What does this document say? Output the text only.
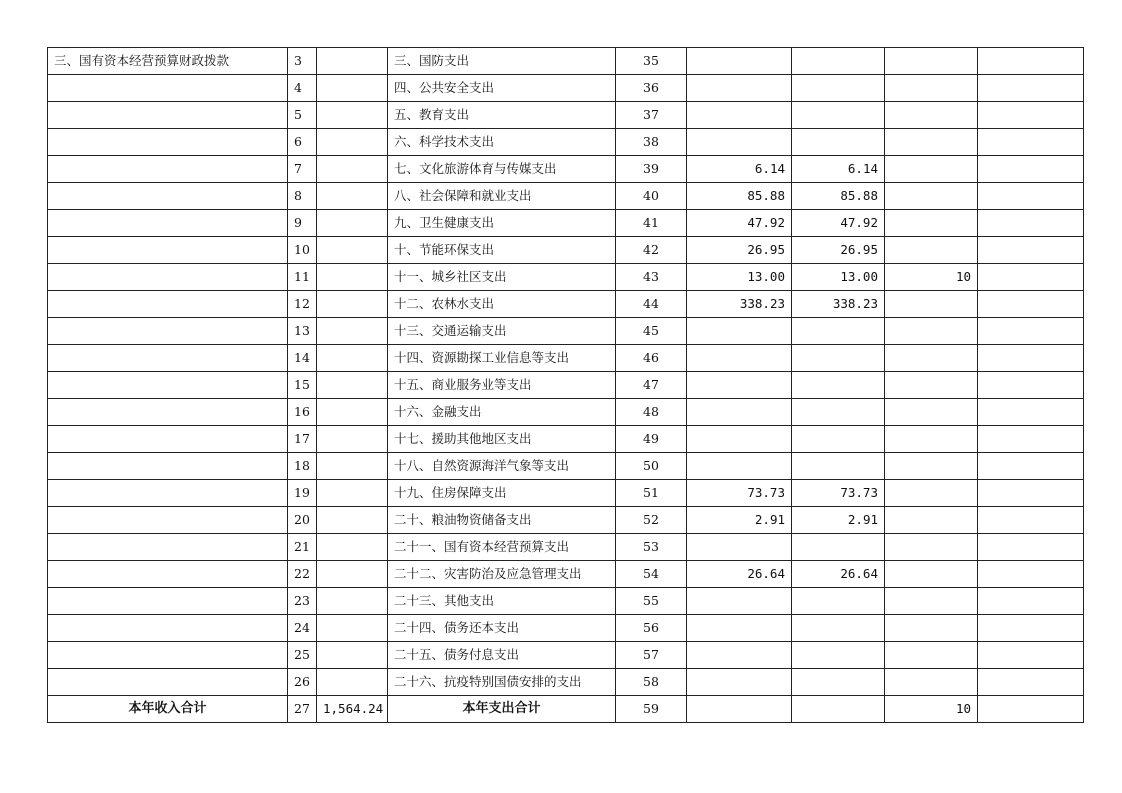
三、国有资本经营预算财政拨款	3		三、国防支出	35				
	4		四、公共安全支出	36				
	5		五、教育支出	37				
	6		六、科学技术支出	38				
	7		七、文化旅游体育与传媒支出	39	6.14	6.14		
	8		八、社会保障和就业支出	40	85.88	85.88		
	9		九、卫生健康支出	41	47.92	47.92		
	10		十、节能环保支出	42	26.95	26.95		
	11		十一、城乡社区支出	43	13.00	13.00	10	
	12		十二、农林水支出	44	338.23	338.23		
	13		十三、交通运输支出	45				
	14		十四、资源勘探工业信息等支出	46				
	15		十五、商业服务业等支出	47				
	16		十六、金融支出	48				
	17		十七、援助其他地区支出	49				
	18		十八、自然资源海洋气象等支出	50				
	19		十九、住房保障支出	51	73.73	73.73		
	20		二十、粮油物资储备支出	52	2.91	2.91		
	21		二十一、国有资本经营预算支出	53				
	22		二十二、灾害防治及应急管理支出	54	26.64	26.64		
	23		二十三、其他支出	55				
	24		二十四、债务还本支出	56				
	25		二十五、债务付息支出	57				
	26		二十六、抗疫特别国债安排的支出	58				
本年收入合计	27	1,564.24	本年支出合计	59			10	
